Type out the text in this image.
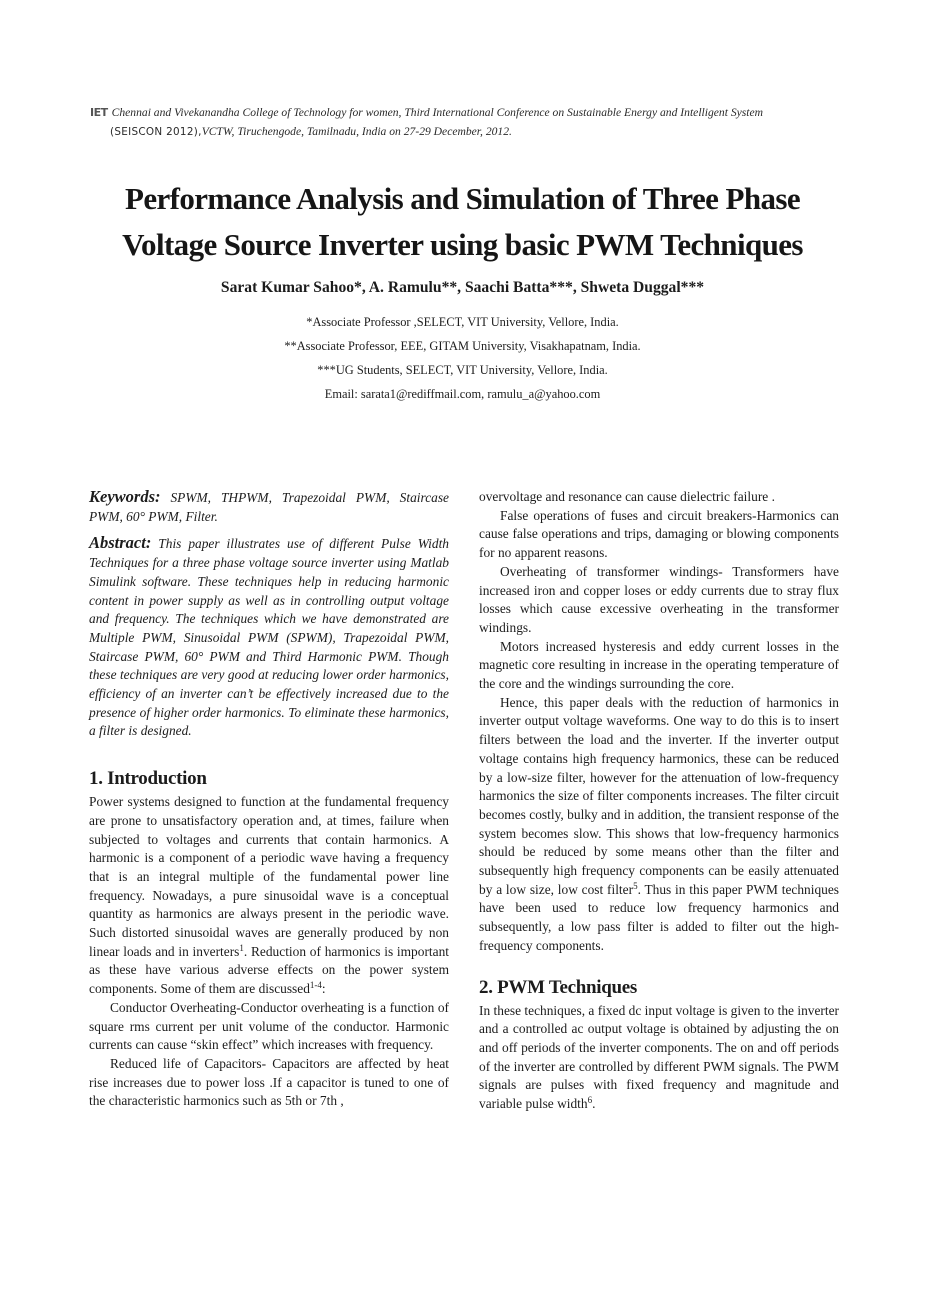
IET Chennai and Vivekanandha College of Technology for women, Third International Conference on Sustainable Energy and Intelligent System
(SEISCON 2012),VCTW, Tiruchengode, Tamilnadu, India on 27-29 December, 2012.
Performance Analysis and Simulation of Three Phase
Voltage Source Inverter using basic PWM Techniques
Sarat Kumar Sahoo*, A. Ramulu**, Saachi Batta***, Shweta Duggal***
*Associate Professor ,SELECT, VIT University, Vellore, India.
**Associate Professor, EEE, GITAM University, Visakhapatnam, India.
***UG Students, SELECT, VIT University, Vellore, India.
Email: sarata1@rediffmail.com, ramulu_a@yahoo.com

Keywords: SPWM, THPWM, Trapezoidal PWM, Staircase PWM, 60° PWM, Filter.

Abstract: This paper illustrates use of different Pulse Width Techniques for a three phase voltage source inverter using Matlab Simulink software. These techniques help in reducing harmonic content in power supply as well as in controlling output voltage and frequency. The techniques which we have demonstrated are Multiple PWM, Sinusoidal PWM (SPWM), Trapezoidal PWM, Staircase PWM, 60° PWM and Third Harmonic PWM. Though these techniques are very good at reducing lower order harmonics, efficiency of an inverter can’t be effectively increased due to the presence of higher order harmonics. To eliminate these harmonics, a filter is designed.

1. Introduction

Power systems designed to function at the fundamental frequency are prone to unsatisfactory operation and, at times, failure when subjected to voltages and currents that contain harmonics. A harmonic is a component of a periodic wave having a frequency that is an integral multiple of the fundamental power line frequency. Nowadays, a pure sinusoidal wave is a conceptual quantity as harmonics are always present in the periodic wave. Such distorted sinusoidal waves are generally produced by non linear loads and in inverters$^1$. Reduction of harmonics is important as these have various adverse effects on the power system components. Some of them are discussed$^{1-4}$:

Conductor Overheating-Conductor overheating is a function of square rms current per unit volume of the conductor. Harmonic currents can cause “skin effect” which increases with frequency.

Reduced life of Capacitors- Capacitors are affected by heat rise increases due to power loss .If a capacitor is tuned to one of the characteristic harmonics such as 5th or 7th ,

overvoltage and resonance can cause dielectric failure .

False operations of fuses and circuit breakers-Harmonics can cause false operations and trips, damaging or blowing components for no apparent reasons.

Overheating of transformer windings- Transformers have increased iron and copper loses or eddy currents due to stray flux losses which cause excessive overheating in the transformer windings.

Motors increased hysteresis and eddy current losses in the magnetic core resulting in increase in the operating temperature of the core and the windings surrounding the core.

Hence, this paper deals with the reduction of harmonics in inverter output voltage waveforms. One way to do this is to insert filters between the load and the inverter. If the inverter output voltage contains high frequency harmonics, these can be reduced by a low-size filter, however for the attenuation of low-frequency harmonics the size of filter components increases. The filter circuit becomes costly, bulky and in addition, the transient response of the system becomes slow. This shows that low-frequency harmonics should be reduced by some means other than the filter and subsequently high frequency components can be easily attenuated by a low size, low cost filter$^5$. Thus in this paper PWM techniques have been used to reduce low frequency harmonics and subsequently, a low pass filter is added to filter out the high-frequency components.

2. PWM Techniques

In these techniques, a fixed dc input voltage is given to the inverter and a controlled ac output voltage is obtained by adjusting the on and off periods of the inverter components. The on and off periods of the inverter are controlled by different PWM signals. The PWM signals are pulses with fixed frequency and magnitude and variable pulse width$^6$.
